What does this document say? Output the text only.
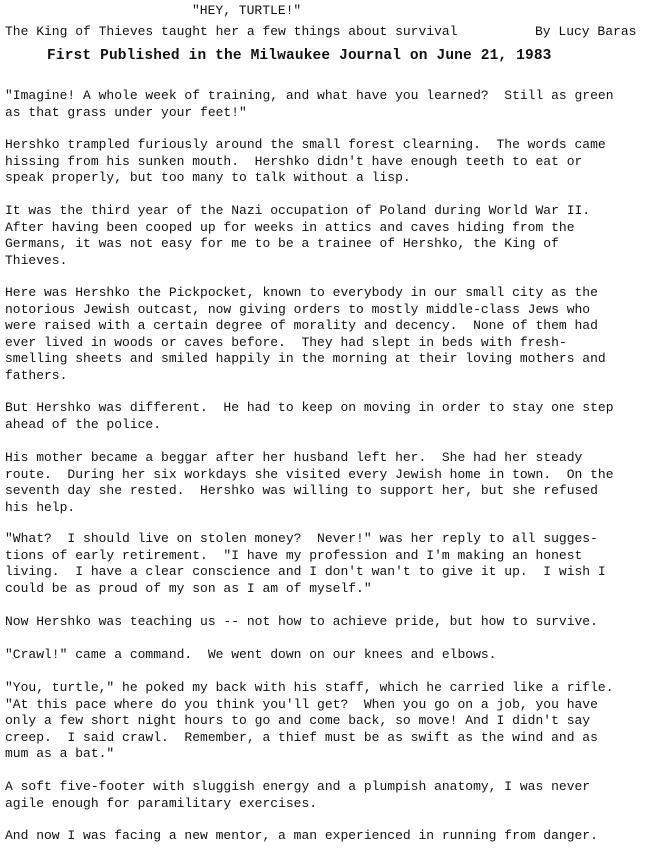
"HEY, TURTLE!"
The King of Thieves taught her a few things about survival	By Lucy Baras
First Published in the Milwaukee Journal on June 21, 1983

"Imagine! A whole week of training, and what have you learned?  Still as green
as that grass under your feet!"

Hershko trampled furiously around the small forest clearning.  The words came
hissing from his sunken mouth.  Hershko didn't have enough teeth to eat or
speak properly, but too many to talk without a lisp.

It was the third year of the Nazi occupation of Poland during World War II.
After having been cooped up for weeks in attics and caves hiding from the
Germans, it was not easy for me to be a trainee of Hershko, the King of
Thieves.

Here was Hershko the Pickpocket, known to everybody in our small city as the
notorious Jewish outcast, now giving orders to mostly middle-class Jews who
were raised with a certain degree of morality and decency.  None of them had
ever lived in woods or caves before.  They had slept in beds with fresh-
smelling sheets and smiled happily in the morning at their loving mothers and
fathers.

But Hershko was different.  He had to keep on moving in order to stay one step
ahead of the police.

His mother became a beggar after her husband left her.  She had her steady
route.  During her six workdays she visited every Jewish home in town.  On the
seventh day she rested.  Hershko was willing to support her, but she refused
his help.

"What?  I should live on stolen money?  Never!" was her reply to all sugges-
tions of early retirement.  "I have my profession and I'm making an honest
living.  I have a clear conscience and I don't wan't to give it up.  I wish I
could be as proud of my son as I am of myself."

Now Hershko was teaching us -- not how to achieve pride, but how to survive.

"Crawl!" came a command.  We went down on our knees and elbows.

"You, turtle," he poked my back with his staff, which he carried like a rifle.
"At this pace where do you think you'll get?  When you go on a job, you have
only a few short night hours to go and come back, so move! And I didn't say
creep.  I said crawl.  Remember, a thief must be as swift as the wind and as
mum as a bat."

A soft five-footer with sluggish energy and a plumpish anatomy, I was never
agile enough for paramilitary exercises.

And now I was facing a new mentor, a man experienced in running from danger.
